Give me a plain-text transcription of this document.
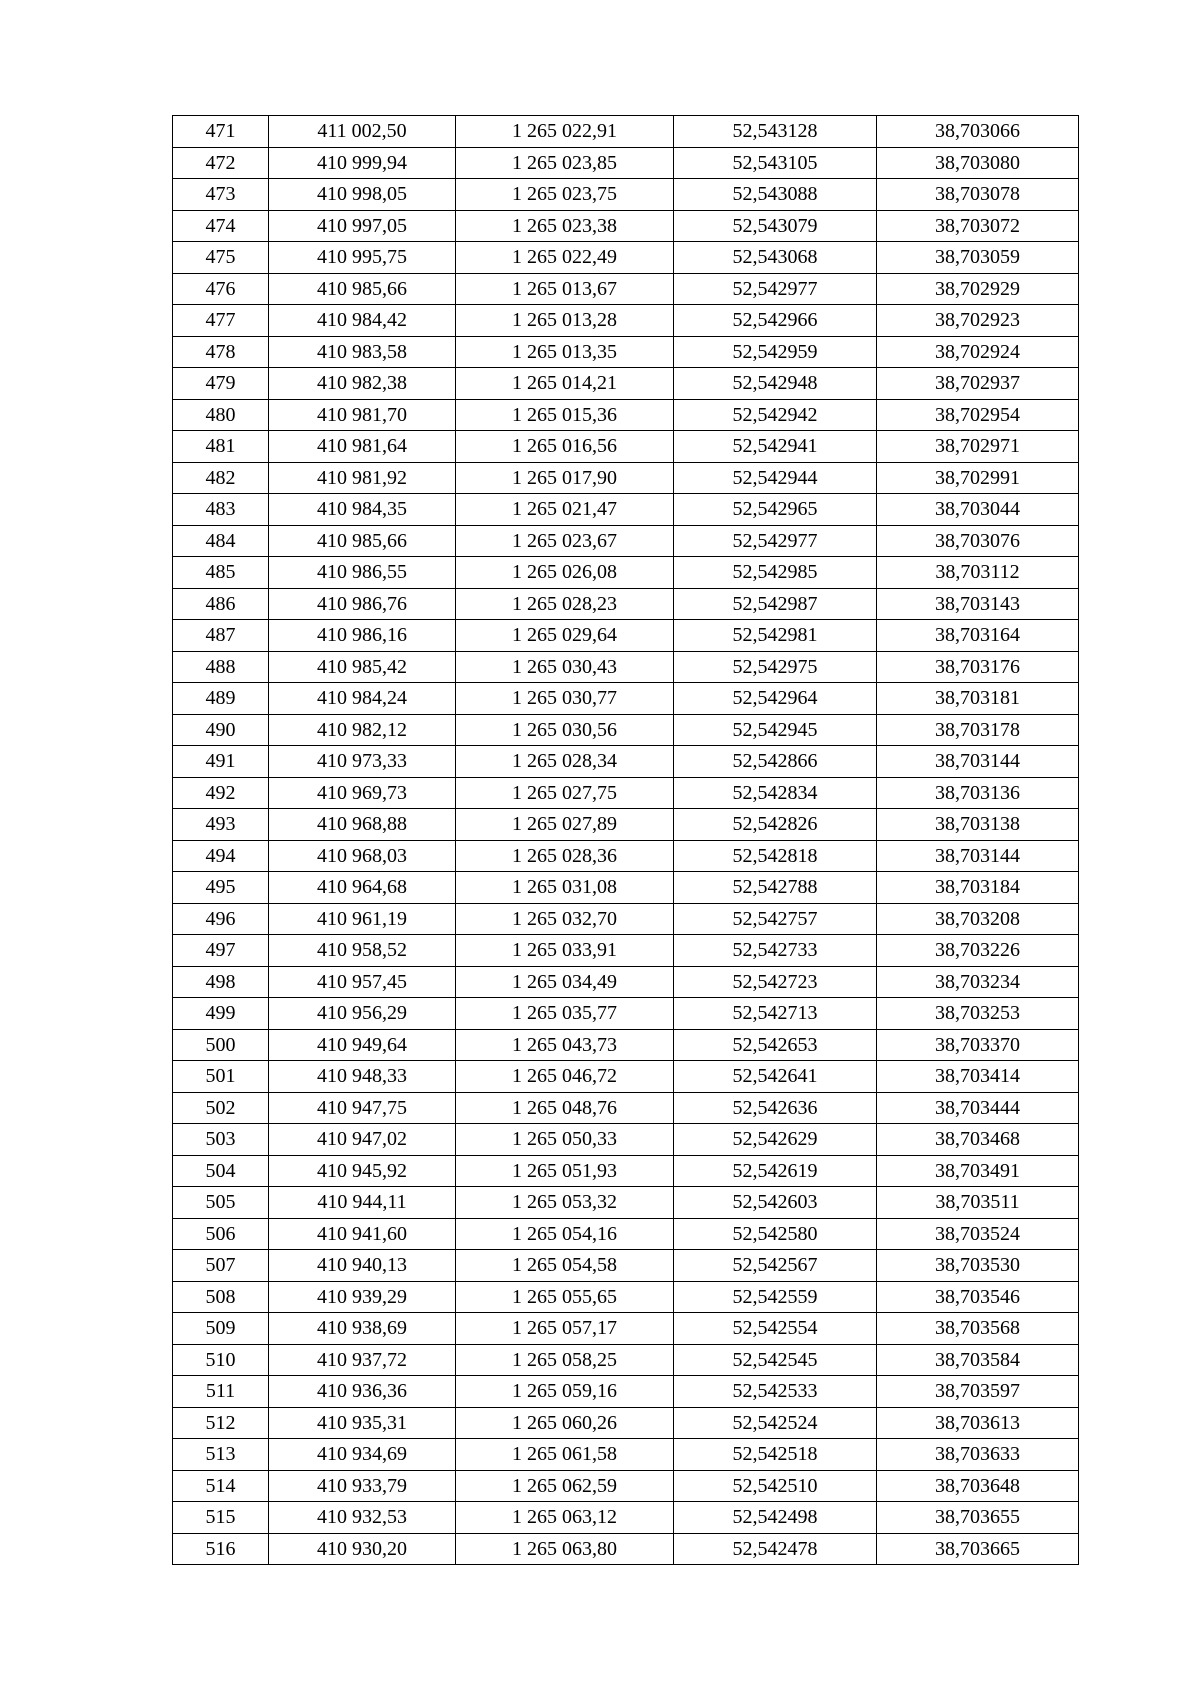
471	411 002,50	1 265 022,91	52,543128	38,703066
472	410 999,94	1 265 023,85	52,543105	38,703080
473	410 998,05	1 265 023,75	52,543088	38,703078
474	410 997,05	1 265 023,38	52,543079	38,703072
475	410 995,75	1 265 022,49	52,543068	38,703059
476	410 985,66	1 265 013,67	52,542977	38,702929
477	410 984,42	1 265 013,28	52,542966	38,702923
478	410 983,58	1 265 013,35	52,542959	38,702924
479	410 982,38	1 265 014,21	52,542948	38,702937
480	410 981,70	1 265 015,36	52,542942	38,702954
481	410 981,64	1 265 016,56	52,542941	38,702971
482	410 981,92	1 265 017,90	52,542944	38,702991
483	410 984,35	1 265 021,47	52,542965	38,703044
484	410 985,66	1 265 023,67	52,542977	38,703076
485	410 986,55	1 265 026,08	52,542985	38,703112
486	410 986,76	1 265 028,23	52,542987	38,703143
487	410 986,16	1 265 029,64	52,542981	38,703164
488	410 985,42	1 265 030,43	52,542975	38,703176
489	410 984,24	1 265 030,77	52,542964	38,703181
490	410 982,12	1 265 030,56	52,542945	38,703178
491	410 973,33	1 265 028,34	52,542866	38,703144
492	410 969,73	1 265 027,75	52,542834	38,703136
493	410 968,88	1 265 027,89	52,542826	38,703138
494	410 968,03	1 265 028,36	52,542818	38,703144
495	410 964,68	1 265 031,08	52,542788	38,703184
496	410 961,19	1 265 032,70	52,542757	38,703208
497	410 958,52	1 265 033,91	52,542733	38,703226
498	410 957,45	1 265 034,49	52,542723	38,703234
499	410 956,29	1 265 035,77	52,542713	38,703253
500	410 949,64	1 265 043,73	52,542653	38,703370
501	410 948,33	1 265 046,72	52,542641	38,703414
502	410 947,75	1 265 048,76	52,542636	38,703444
503	410 947,02	1 265 050,33	52,542629	38,703468
504	410 945,92	1 265 051,93	52,542619	38,703491
505	410 944,11	1 265 053,32	52,542603	38,703511
506	410 941,60	1 265 054,16	52,542580	38,703524
507	410 940,13	1 265 054,58	52,542567	38,703530
508	410 939,29	1 265 055,65	52,542559	38,703546
509	410 938,69	1 265 057,17	52,542554	38,703568
510	410 937,72	1 265 058,25	52,542545	38,703584
511	410 936,36	1 265 059,16	52,542533	38,703597
512	410 935,31	1 265 060,26	52,542524	38,703613
513	410 934,69	1 265 061,58	52,542518	38,703633
514	410 933,79	1 265 062,59	52,542510	38,703648
515	410 932,53	1 265 063,12	52,542498	38,703655
516	410 930,20	1 265 063,80	52,542478	38,703665
